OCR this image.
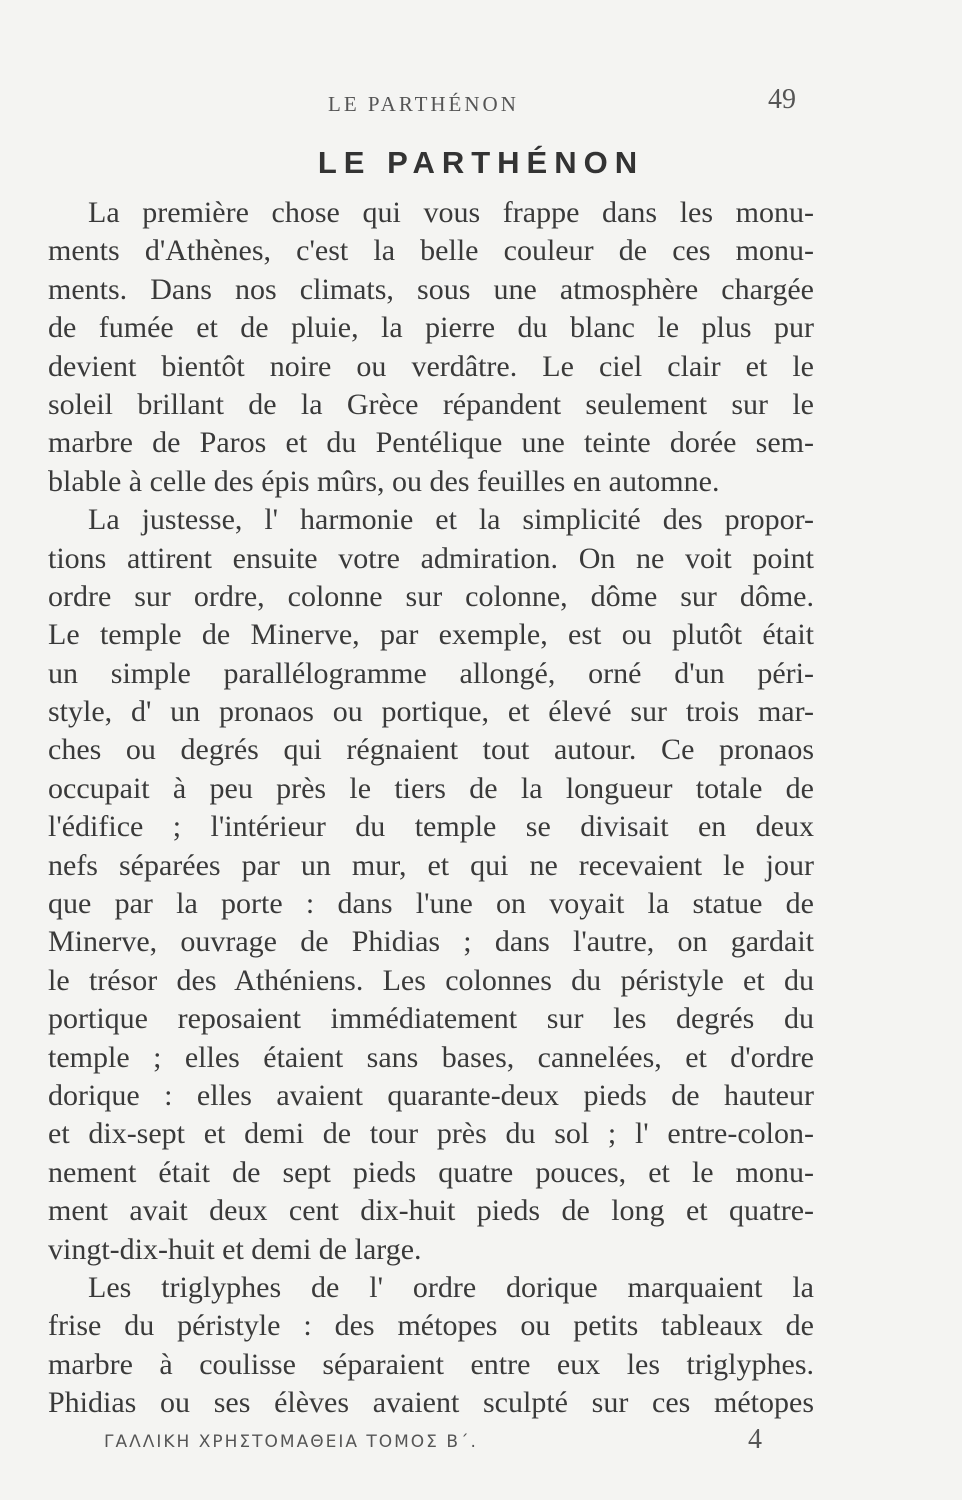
LE PARTHÉNON	49
LE PARTHÉNON
La première chose qui vous frappe dans les monu-
ments d'Athènes, c'est la belle couleur de ces monu-
ments. Dans nos climats, sous une atmosphère chargée
de fumée et de pluie, la pierre du blanc le plus pur
devient bientôt noire ou verdâtre. Le ciel clair et le
soleil brillant de la Grèce répandent seulement sur le
marbre de Paros et du Pentélique une teinte dorée sem-
blable à celle des épis mûrs, ou des feuilles en automne.
La justesse, l' harmonie et la simplicité des propor-
tions attirent ensuite votre admiration. On ne voit point
ordre sur ordre, colonne sur colonne, dôme sur dôme.
Le temple de Minerve, par exemple, est ou plutôt était
un simple parallélogramme allongé, orné d'un péri-
style, d' un pronaos ou portique, et élevé sur trois mar-
ches ou degrés qui régnaient tout autour. Ce pronaos
occupait à peu près le tiers de la longueur totale de
l'édifice ; l'intérieur du temple se divisait en deux
nefs séparées par un mur, et qui ne recevaient le jour
que par la porte : dans l'une on voyait la statue de
Minerve, ouvrage de Phidias ; dans l'autre, on gardait
le trésor des Athéniens. Les colonnes du péristyle et du
portique reposaient immédiatement sur les degrés du
temple ; elles étaient sans bases, cannelées, et d'ordre
dorique : elles avaient quarante-deux pieds de hauteur
et dix-sept et demi de tour près du sol ; l' entre-colon-
nement était de sept pieds quatre pouces, et le monu-
ment avait deux cent dix-huit pieds de long et quatre-
vingt-dix-huit et demi de large.
Les triglyphes de l' ordre dorique marquaient la
frise du péristyle : des métopes ou petits tableaux de
marbre à coulisse séparaient entre eux les triglyphes.
Phidias ou ses élèves avaient sculpté sur ces métopes
ΓΑΛΛΙΚΗ ΧΡΗΣΤΟΜΑΘΕΙΑ ΤΟΜΟΣ Β΄.	4
